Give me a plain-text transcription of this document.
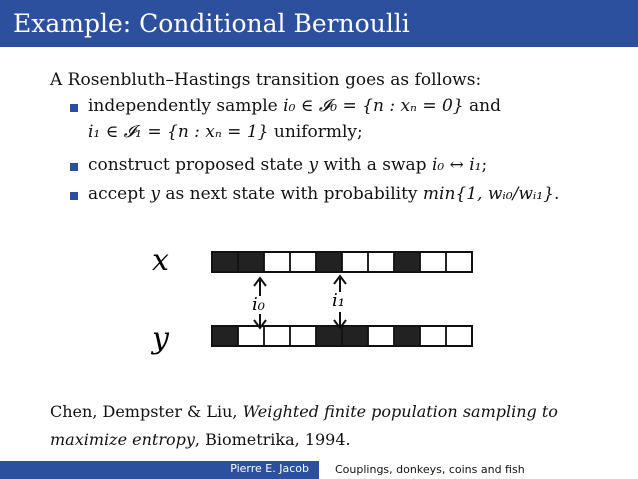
Example: Conditional Bernoulli
A Rosenbluth–Hastings transition goes as follows:
independently sample i₀ ∈ 𝓘₀ = {n : xₙ = 0} and
i₁ ∈ 𝓘₁ = {n : xₙ = 1} uniformly;
construct proposed state y with a swap i₀ ↔ i₁;
accept y as next state with probability min{1, wᵢ₀/wᵢ₁}.
x
y
i₀	i₁
Chen, Dempster & Liu, Weighted finite population sampling to
maximize entropy, Biometrika, 1994.
Pierre E. Jacob Couplings, donkeys, coins and fish
